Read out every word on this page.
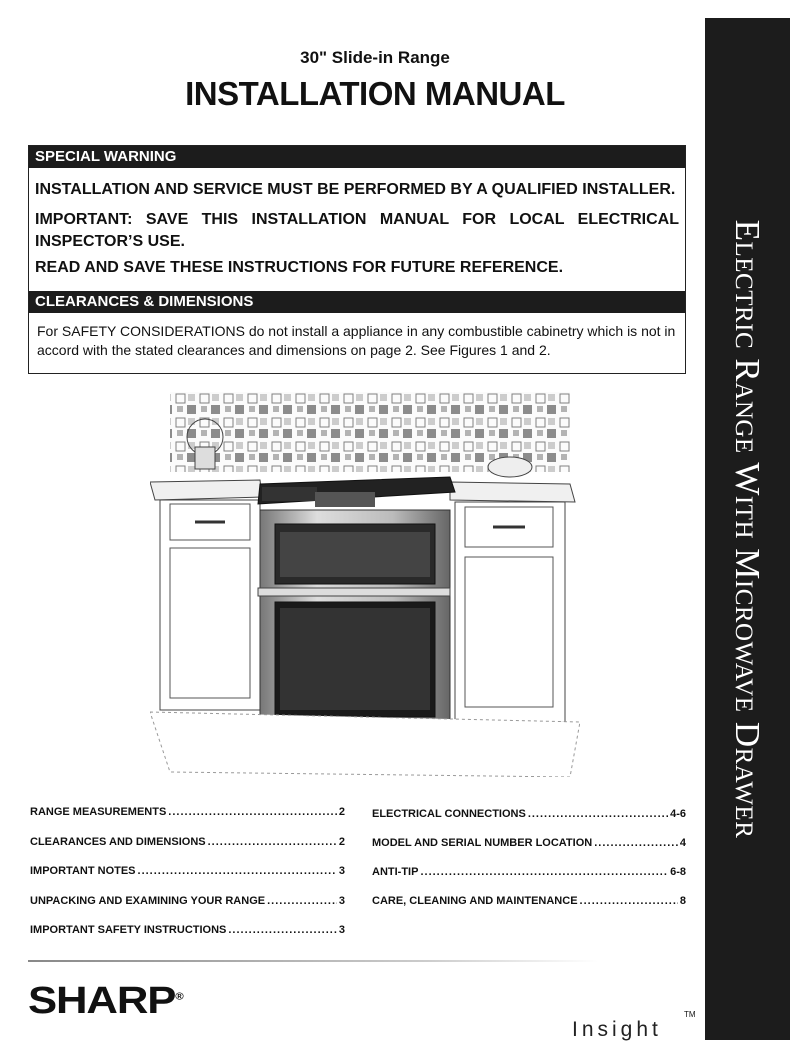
Electric Range With Microwave Drawer
30" Slide-in Range
INSTALLATION MANUAL
SPECIAL WARNING
INSTALLATION AND SERVICE MUST BE PERFORMED BY A QUALIFIED INSTALLER.
IMPORTANT: SAVE THIS INSTALLATION MANUAL FOR LOCAL ELECTRICAL INSPECTOR’S USE.
READ AND SAVE THESE INSTRUCTIONS FOR FUTURE REFERENCE.
CLEARANCES & DIMENSIONS
For SAFETY CONSIDERATIONS do not install a appliance in any combustible cabinetry which is not in accord with the stated clearances and dimensions on page 2. See Figures 1 and 2.
RANGE MEASUREMENTS .....	2
CLEARANCES AND DIMENSIONS .....	2
IMPORTANT NOTES .....	3
UNPACKING AND EXAMINING YOUR RANGE .....	3
IMPORTANT SAFETY INSTRUCTIONS .....	3
ELECTRICAL CONNECTIONS .....	4-6
MODEL AND SERIAL NUMBER LOCATION .....	4
ANTI-TIP .....	6-8
CARE, CLEANING AND MAINTENANCE .....	8
SHARP®
Insight
TM
